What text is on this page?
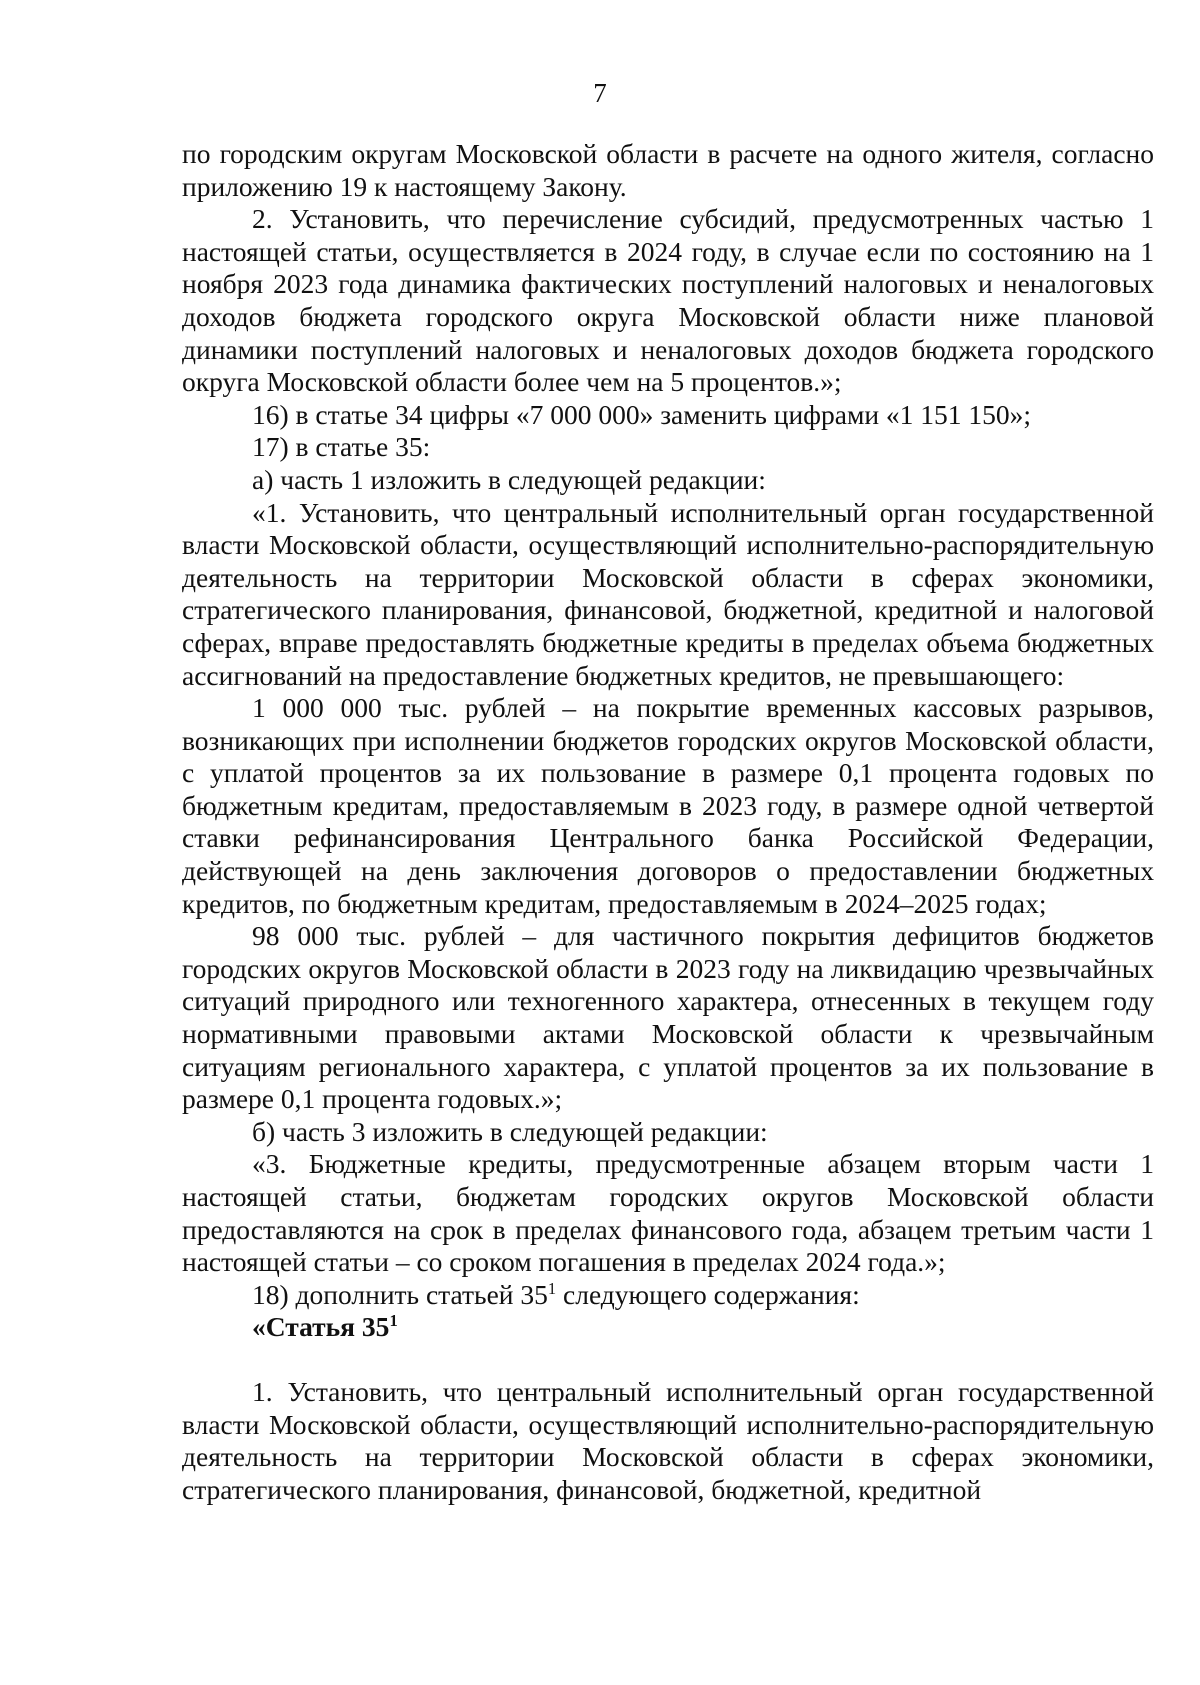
7

по городским округам Московской области в расчете на одного жителя, согласно приложению 19 к настоящему Закону.

2. Установить, что перечисление субсидий, предусмотренных частью 1 настоящей статьи, осуществляется в 2024 году, в случае если по состоянию на 1 ноября 2023 года динамика фактических поступлений налоговых и неналоговых доходов бюджета городского округа Московской области ниже плановой динамики поступлений налоговых и неналоговых доходов бюджета городского округа Московской области более чем на 5 процентов.»;

16) в статье 34 цифры «7 000 000» заменить цифрами «1 151 150»;

17) в статье 35:

а) часть 1 изложить в следующей редакции:

«1. Установить, что центральный исполнительный орган государственной власти Московской области, осуществляющий исполнительно-распорядительную деятельность на территории Московской области в сферах экономики, стратегического планирования, финансовой, бюджетной, кредитной и налоговой сферах, вправе предоставлять бюджетные кредиты в пределах объема бюджетных ассигнований на предоставление бюджетных кредитов, не превышающего:

1 000 000 тыс. рублей – на покрытие временных кассовых разрывов, возникающих при исполнении бюджетов городских округов Московской области, с уплатой процентов за их пользование в размере 0,1 процента годовых по бюджетным кредитам, предоставляемым в 2023 году, в размере одной четвертой ставки рефинансирования Центрального банка Российской Федерации, действующей на день заключения договоров о предоставлении бюджетных кредитов, по бюджетным кредитам, предоставляемым в 2024–2025 годах;

98 000 тыс. рублей – для частичного покрытия дефицитов бюджетов городских округов Московской области в 2023 году на ликвидацию чрезвычайных ситуаций природного или техногенного характера, отнесенных в текущем году нормативными правовыми актами Московской области к чрезвычайным ситуациям регионального характера, с уплатой процентов за их пользование в размере 0,1 процента годовых.»;

б) часть 3 изложить в следующей редакции:

«3. Бюджетные кредиты, предусмотренные абзацем вторым части 1 настоящей статьи, бюджетам городских округов Московской области предоставляются на срок в пределах финансового года, абзацем третьим части 1 настоящей статьи – со сроком погашения в пределах 2024 года.»;

18) дополнить статьей $35^1$ следующего содержания:

«Статья $35^1$

1. Установить, что центральный исполнительный орган государственной власти Московской области, осуществляющий исполнительно-распорядительную деятельность на территории Московской области в сферах экономики, стратегического планирования, финансовой, бюджетной, кредитной
